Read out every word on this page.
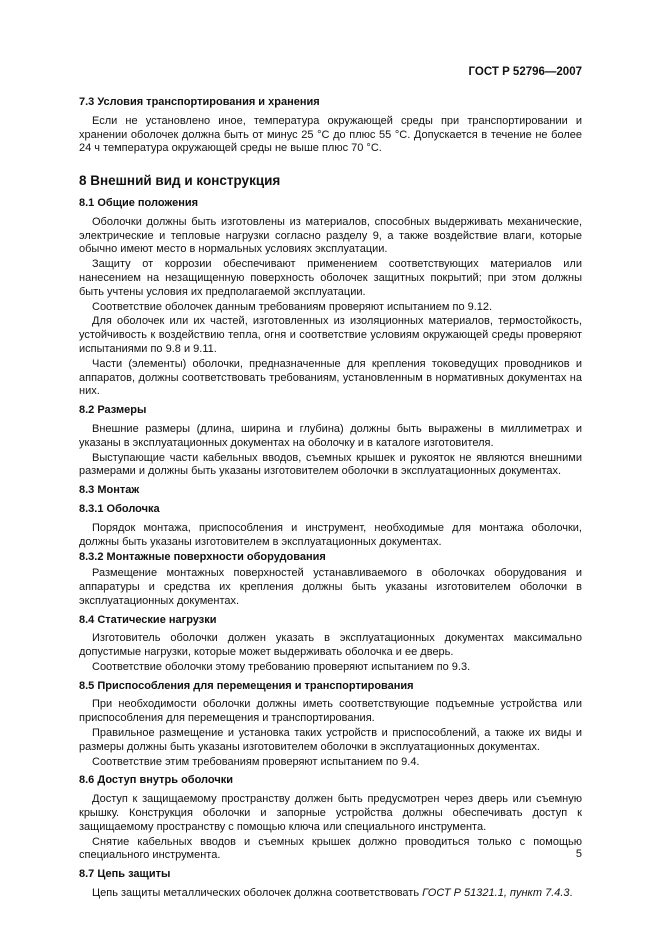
ГОСТ Р 52796—2007
7.3 Условия транспортирования и хранения
Если не установлено иное, температура окружающей среды при транспортировании и хранении оболочек должна быть от минус 25 °С до плюс 55 °С. Допускается в течение не более 24 ч температура окружающей среды не выше плюс 70 °С.
8 Внешний вид и конструкция
8.1 Общие положения
Оболочки должны быть изготовлены из материалов, способных выдерживать механические, электрические и тепловые нагрузки согласно разделу 9, а также воздействие влаги, которые обычно имеют место в нормальных условиях эксплуатации.
Защиту от коррозии обеспечивают применением соответствующих материалов или нанесением на незащищенную поверхность оболочек защитных покрытий; при этом должны быть учтены условия их предполагаемой эксплуатации.
Соответствие оболочек данным требованиям проверяют испытанием по 9.12.
Для оболочек или их частей, изготовленных из изоляционных материалов, термостойкость, устойчивость к воздействию тепла, огня и соответствие условиям окружающей среды проверяют испытаниями по 9.8 и 9.11.
Части (элементы) оболочки, предназначенные для крепления токоведущих проводников и аппаратов, должны соответствовать требованиям, установленным в нормативных документах на них.
8.2 Размеры
Внешние размеры (длина, ширина и глубина) должны быть выражены в миллиметрах и указаны в эксплуатационных документах на оболочку и в каталоге изготовителя.
Выступающие части кабельных вводов, съемных крышек и рукояток не являются внешними размерами и должны быть указаны изготовителем оболочки в эксплуатационных документах.
8.3 Монтаж
8.3.1 Оболочка
Порядок монтажа, приспособления и инструмент, необходимые для монтажа оболочки, должны быть указаны изготовителем в эксплуатационных документах.
8.3.2 Монтажные поверхности оборудования
Размещение монтажных поверхностей устанавливаемого в оболочках оборудования и аппаратуры и средства их крепления должны быть указаны изготовителем оболочки в эксплуатационных документах.
8.4 Статические нагрузки
Изготовитель оболочки должен указать в эксплуатационных документах максимально допустимые нагрузки, которые может выдерживать оболочка и ее дверь.
Соответствие оболочки этому требованию проверяют испытанием по 9.3.
8.5 Приспособления для перемещения и транспортирования
При необходимости оболочки должны иметь соответствующие подъемные устройства или приспособления для перемещения и транспортирования.
Правильное размещение и установка таких устройств и приспособлений, а также их виды и размеры должны быть указаны изготовителем оболочки в эксплуатационных документах.
Соответствие этим требованиям проверяют испытанием по 9.4.
8.6 Доступ внутрь оболочки
Доступ к защищаемому пространству должен быть предусмотрен через дверь или съемную крышку. Конструкция оболочки и запорные устройства должны обеспечивать доступ к защищаемому пространству с помощью ключа или специального инструмента.
Снятие кабельных вводов и съемных крышек должно проводиться только с помощью специального инструмента.
8.7 Цепь защиты
Цепь защиты металлических оболочек должна соответствовать ГОСТ Р 51321.1, пункт 7.4.3.
5
